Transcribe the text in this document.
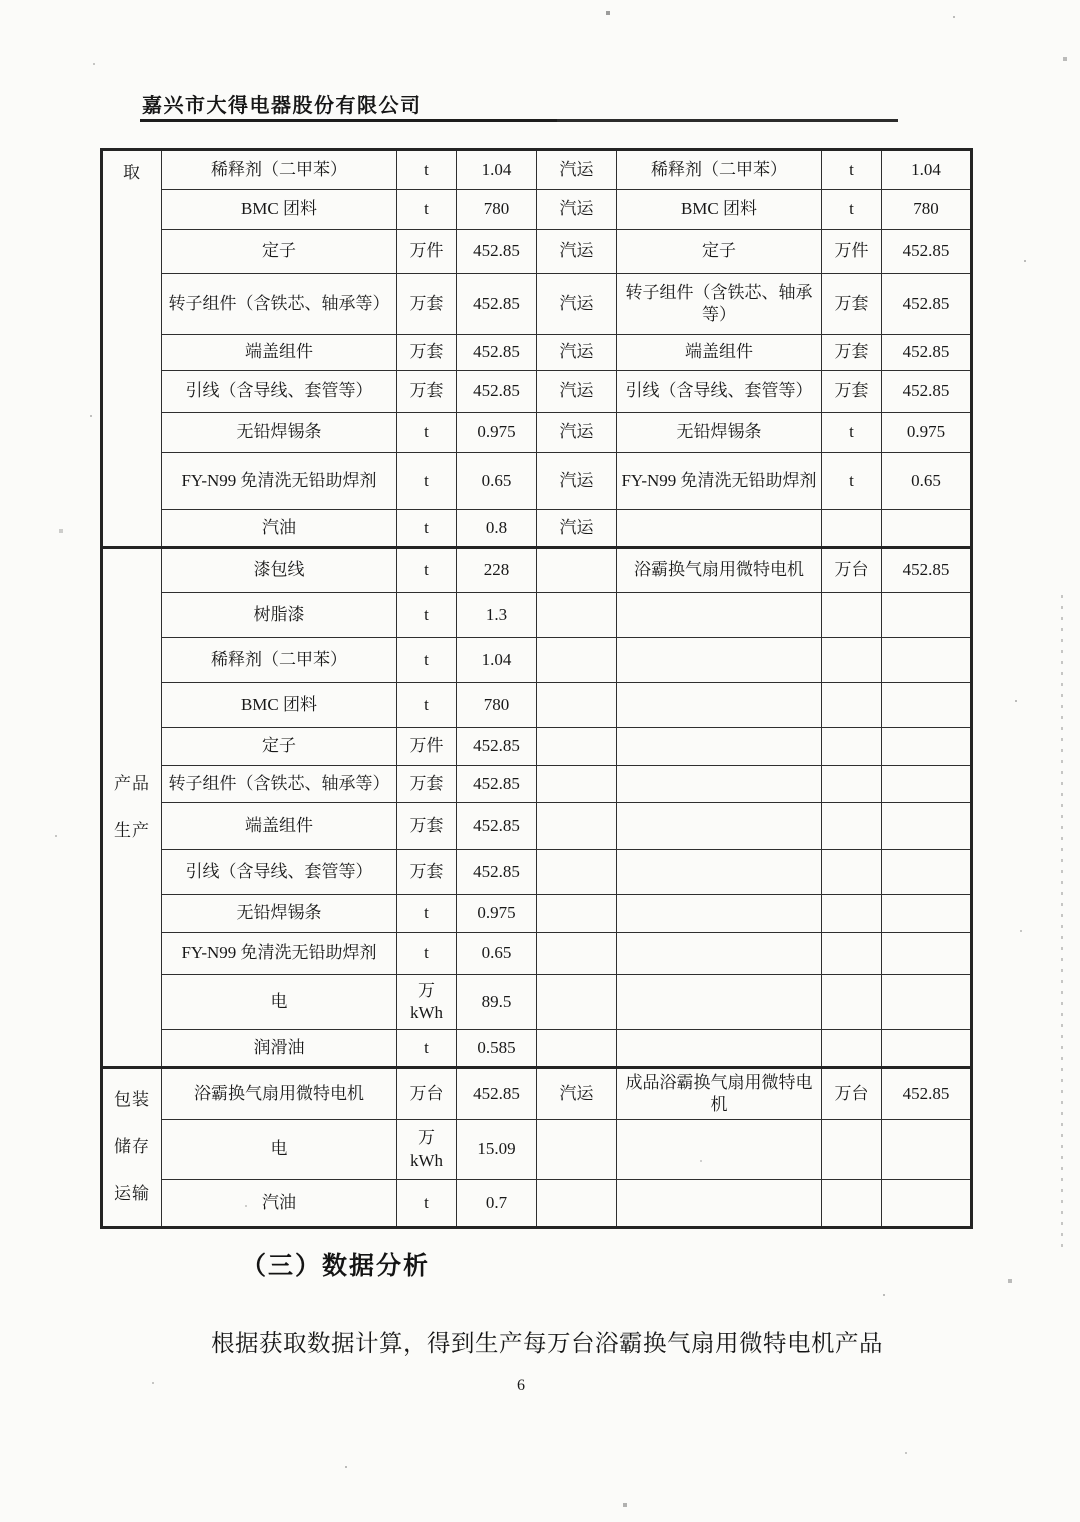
嘉兴市大得电器股份有限公司
取	稀释剂（二甲苯）	t	1.04	汽运	稀释剂（二甲苯）	t	1.04
	BMC 团料	t	780	汽运	BMC 团料	t	780
	定子	万件	452.85	汽运	定子	万件	452.85
	转子组件（含铁芯、轴承等）	万套	452.85	汽运	转子组件（含铁芯、轴承等）	万套	452.85
	端盖组件	万套	452.85	汽运	端盖组件	万套	452.85
	引线（含导线、套管等）	万套	452.85	汽运	引线（含导线、套管等）	万套	452.85
	无铅焊锡条	t	0.975	汽运	无铅焊锡条	t	0.975
	FY-N99 免清洗无铅助焊剂	t	0.65	汽运	FY-N99 免清洗无铅助焊剂	t	0.65
	汽油	t	0.8	汽运			
产品生产	漆包线	t	228		浴霸换气扇用微特电机	万台	452.85
	树脂漆	t	1.3				
	稀释剂（二甲苯）	t	1.04				
	BMC 团料	t	780				
	定子	万件	452.85				
	转子组件（含铁芯、轴承等）	万套	452.85				
	端盖组件	万套	452.85				
	引线（含导线、套管等）	万套	452.85				
	无铅焊锡条	t	0.975				
	FY-N99 免清洗无铅助焊剂	t	0.65				
	电	万 kWh	89.5				
	润滑油	t	0.585				
包装储存运输	浴霸换气扇用微特电机	万台	452.85	汽运	成品浴霸换气扇用微特电机	万台	452.85
	电	万 kWh	15.09				
	汽油	t	0.7				
（三）数据分析

根据获取数据计算，得到生产每万台浴霸换气扇用微特电机产品

6
